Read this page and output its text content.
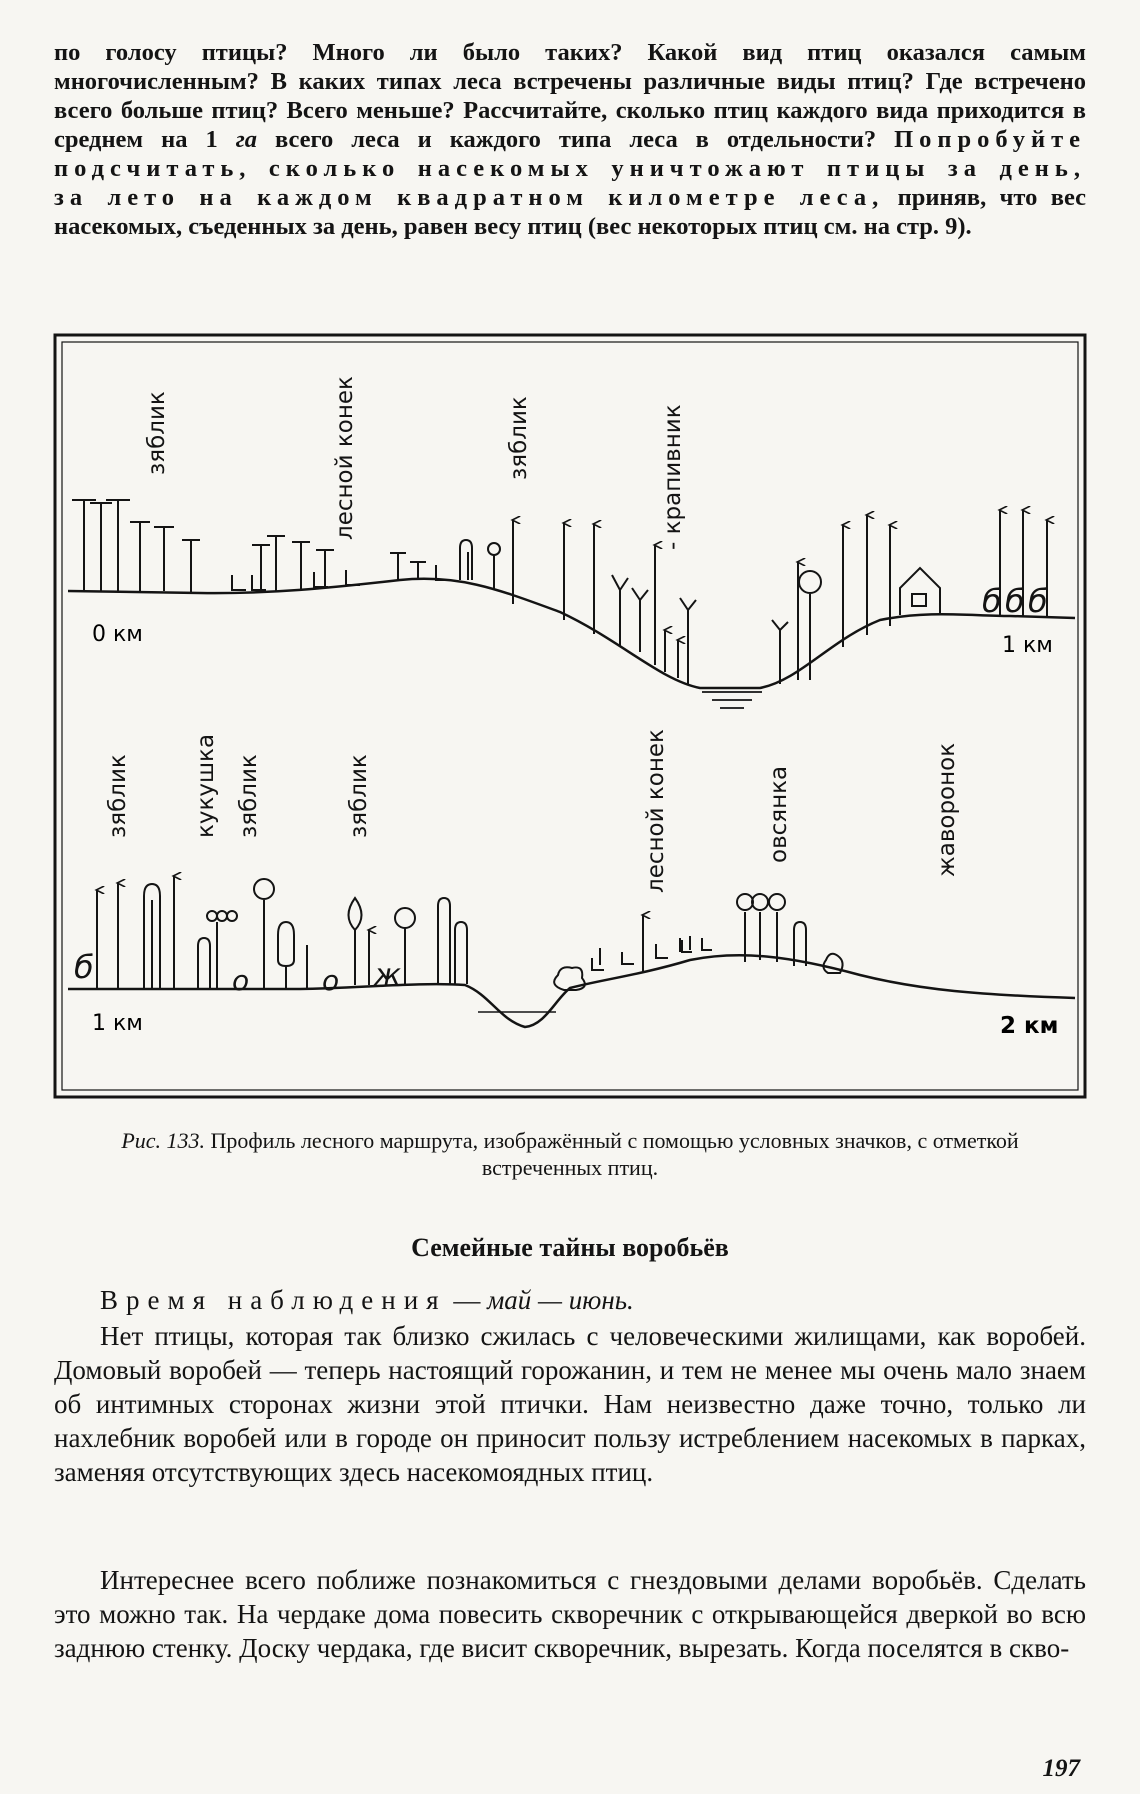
по голосу птицы? Много ли было таких? Какой вид птиц оказался самым многочисленным? В каких типах леса встречены различные виды птиц? Где встречено всего больше птиц? Всего меньше? Рассчитайте, сколько птиц каждого вида приходится в среднем на 1 га всего леса и каждого типа леса в отдельности? Попробуйте подсчитать, сколько насекомых уничтожают птицы за день, за лето на каждом квадратном километре леса, приняв, что вес насекомых, съеденных за день, равен весу птиц (вес некоторых птиц см. на стр. 9).

зяблик	лесной конек	зяблик	- крапивник
0 км	1 км
б б б
зяблик	кукушка зяблик	зяблик	лесной конек	овсянка	жаворонок
б	о	о ж
1 км	2 км

Рис. 133. Профиль лесного маршрута, изображённый с помощью условных значков, с отметкой встреченных птиц.

Семейные тайны воробьёв

Время наблюдения — май — июнь.

Нет птицы, которая так близко сжилась с человеческими жилищами, как воробей. Домовый воробей — теперь настоящий горожанин, и тем не менее мы очень мало знаем об интимных сторонах жизни этой птички. Нам неизвестно даже точно, только ли нахлебник воробей или в городе он приносит пользу истреблением насекомых в парках, заменяя отсутствующих здесь насекомоядных птиц.

Интереснее всего поближе познакомиться с гнездовыми делами воробьёв. Сделать это можно так. На чердаке дома повесить скворечник с открывающейся дверкой во всю заднюю стенку. Доску чердака, где висит скворечник, вырезать. Когда поселятся в скво-

197
